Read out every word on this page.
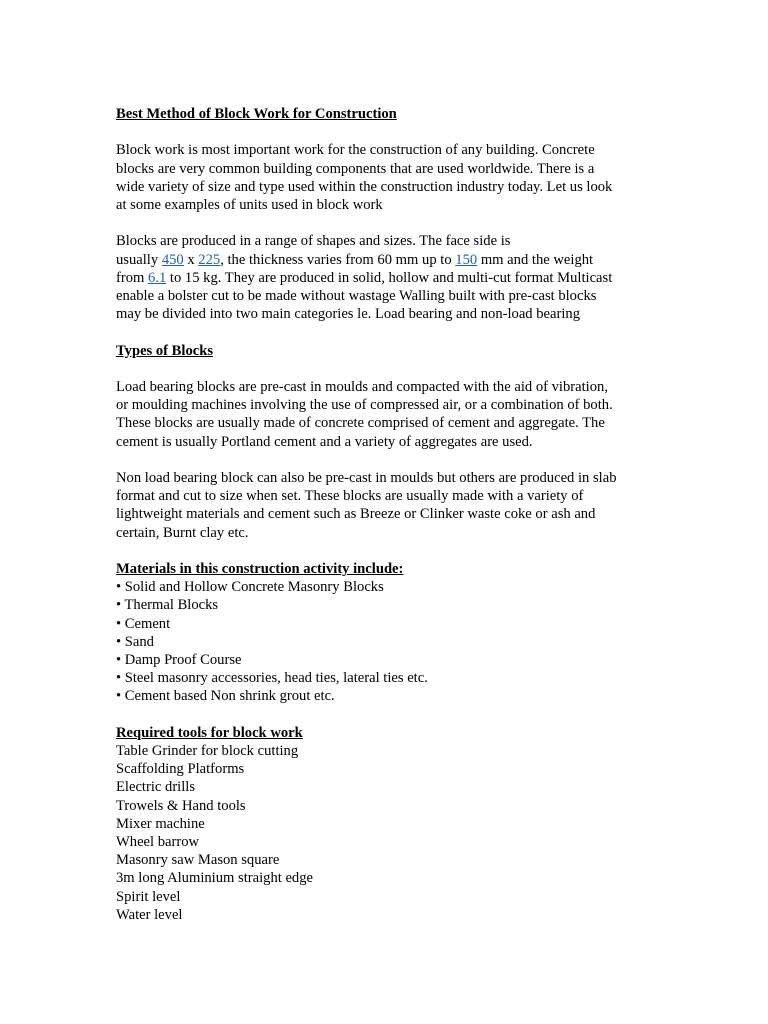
Best Method of Block Work for Construction

Block work is most important work for the construction of any building. Concrete
blocks are very common building components that are used worldwide. There is a
wide variety of size and type used within the construction industry today. Let us look
at some examples of units used in block work
Blocks are produced in a range of shapes and sizes. The face side is
usually 450 x 225, the thickness varies from 60 mm up to 150 mm and the weight
from 6.1 to 15 kg. They are produced in solid, hollow and multi-cut format Multicast
enable a bolster cut to be made without wastage Walling built with pre-cast blocks
may be divided into two main categories le. Load bearing and non-load bearing

Types of Blocks

Load bearing blocks are pre-cast in moulds and compacted with the aid of vibration,
or moulding machines involving the use of compressed air, or a combination of both.
These blocks are usually made of concrete comprised of cement and aggregate. The
cement is usually Portland cement and a variety of aggregates are used.
Non load bearing block can also be pre-cast in moulds but others are produced in slab
format and cut to size when set. These blocks are usually made with a variety of
lightweight materials and cement such as Breeze or Clinker waste coke or ash and
certain, Burnt clay etc.

Materials in this construction activity include:

• Solid and Hollow Concrete Masonry Blocks
• Thermal Blocks
• Cement
• Sand
• Damp Proof Course
• Steel masonry accessories, head ties, lateral ties etc.
• Cement based Non shrink grout etc.

Required tools for block work

Table Grinder for block cutting
Scaffolding Platforms
Electric drills
Trowels & Hand tools
Mixer machine
Wheel barrow
Masonry saw Mason square
3m long Aluminium straight edge
Spirit level
Water level
